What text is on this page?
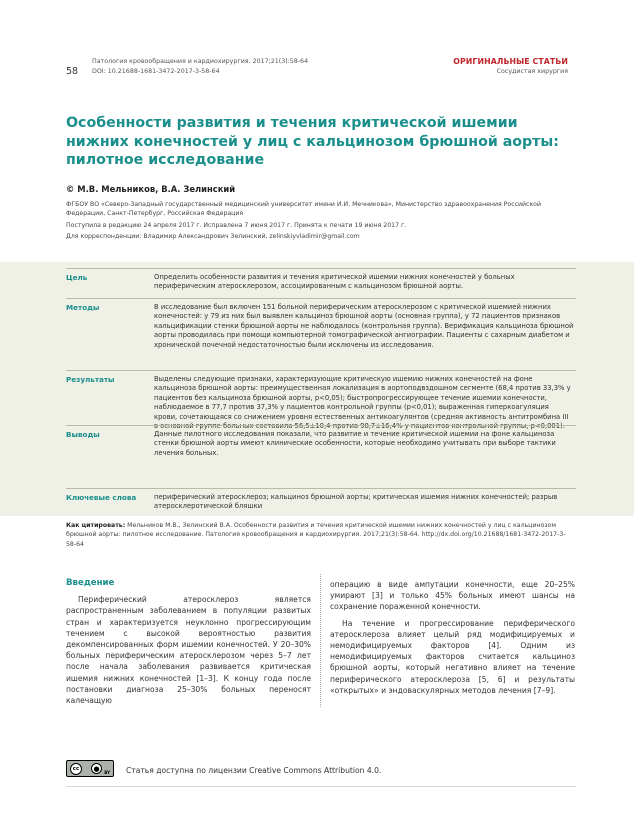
58
Патология кровообращения и кардиохирургия. 2017;21(3):58-64
DOI: 10.21688-1681-3472-2017-3-58-64
ОРИГИНАЛЬНЫЕ СТАТЬИ
Сосудистая хирургия
Особенности развития и течения критической ишемии нижних конечностей у лиц с кальцинозом брюшной аорты: пилотное исследование
© М.В. Мельников, В.А. Зелинский

ФГБОУ ВО «Северо-Западный государственный медицинский университет имени И.И. Мечникова», Министерство здравоохранения Российской Федерации, Санкт-Петербург, Российская Федерация

Поступила в редакцию 24 апреля 2017 г. Исправлена 7 июня 2017 г. Принята к печати 19 июня 2017 г.

Для корреспонденции: Владимир Александрович Зелинский, zelinskiyvladimir@gmail.com

Цель	Определить особенности развития и течения критической ишемии нижних конечностей у больных периферическим атеросклерозом, ассоциированным с кальцинозом брюшной аорты.
Методы	В исследование был включен 151 больной периферическим атеросклерозом с критической ишемией нижних конечностей: у 79 из них был выявлен кальциноз брюшной аорты (основная группа), у 72 пациентов признаков кальцификации стенки брюшной аорты не наблюдалось (контрольная группа). Верификация кальциноза брюшной аорты проводилась при помощи компьютерной томографической ангиографии. Пациенты с сахарным диабетом и хронической почечной недостаточностью были исключены из исследования.
Результаты	Выделены следующие признаки, характеризующие критическую ишемию нижних конечностей на фоне кальциноза брюшной аорты: преимущественная локализация в аортоподвздошном сегменте (68,4 против 33,3% у пациентов без кальциноза брюшной аорты, p<0,05); быстропрогрессирующее течение ишемии конечности, наблюдаемое в 77,7 против 37,3% у пациентов контрольной группы (p<0,01); выраженная гиперкоагуляция крови, сочетающаяся со снижением уровня естественных антикоагулянтов (средняя активность антитромбина III в основной группе больных составила 56,5±10,4 против 98,7±16,4% у пациентов контрольной группы, p<0,001).
Выводы	Данные пилотного исследования показали, что развитие и течение критической ишемии на фоне кальциноза стенки брюшной аорты имеют клинические особенности, которые необходимо учитывать при выборе тактики лечения больных.
Ключевые слова	периферический атеросклероз; кальциноз брюшной аорты; критическая ишемия нижних конечностей; разрыв атеросклеротической бляшки
Как цитировать: Мельников М.В., Зелинский В.А. Особенности развития и течения критической ишемии нижних конечностей у лиц с кальцинозом брюшной аорты: пилотное исследование. Патология кровообращения и кардиохирургия. 2017;21(3):58-64. http://dx.doi.org/10.21688/1681-3472-2017-3-58-64
Введение

Периферический атеросклероз является распространенным заболеванием в популяции развитых стран и характеризуется неуклонно прогрессирующим течением с высокой вероятностью развития декомпенсированных форм ишемии конечностей. У 20–30% больных периферическим атеросклерозом через 5–7 лет после начала заболевания развивается критическая ишемия нижних конечностей [1–3]. К концу года после постановки диагноза 25–30% больных переносят калечащую

операцию в виде ампутации конечности, еще 20–25% умирают [3] и только 45% больных имеют шансы на сохранение пораженной конечности.

На течение и прогрессирование периферического атеросклероза влияет целый ряд модифицируемых и немодифицируемых факторов [4]. Одним из немодифицируемых факторов считается кальциноз брюшной аорты, который негативно влияет на течение периферического атеросклероза [5, 6] и результаты «открытых» и эндоваскулярных методов лечения [7–9].

cc	●	BY Статья доступна по лицензии Creative Commons Attribution 4.0.
